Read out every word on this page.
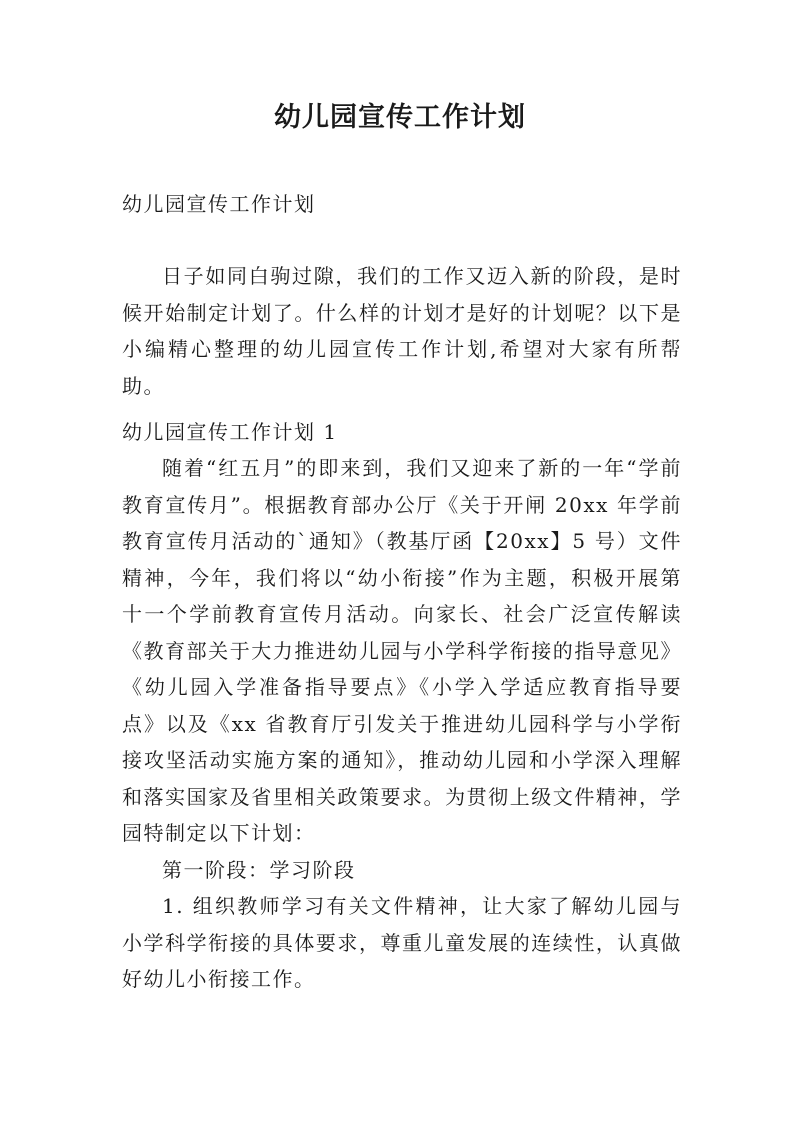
幼儿园宣传工作计划
幼儿园宣传工作计划
日子如同白驹过隙，我们的工作又迈入新的阶段，是时候开始制定计划了。什么样的计划才是好的计划呢？以下是小编精心整理的幼儿园宣传工作计划,希望对大家有所帮助。
幼儿园宣传工作计划 1

随着“红五月”的即来到，我们又迎来了新的一年“学前教育宣传月”。根据教育部办公厅《关于开闸 20xx 年学前教育宣传月活动的`通知》（教基厅函【20xx】5 号）文件精神，今年，我们将以“幼小衔接”作为主题，积极开展第十一个学前教育宣传月活动。向家长、社会广泛宣传解读《教育部关于大力推进幼儿园与小学科学衔接的指导意见》《幼儿园入学准备指导要点》《小学入学适应教育指导要点》以及《xx 省教育厅引发关于推进幼儿园科学与小学衔接攻坚活动实施方案的通知》，推动幼儿园和小学深入理解和落实国家及省里相关政策要求。为贯彻上级文件精神，学园特制定以下计划：

第一阶段：学习阶段

1. 组织教师学习有关文件精神，让大家了解幼儿园与小学科学衔接的具体要求，尊重儿童发展的连续性，认真做好幼儿小衔接工作。
